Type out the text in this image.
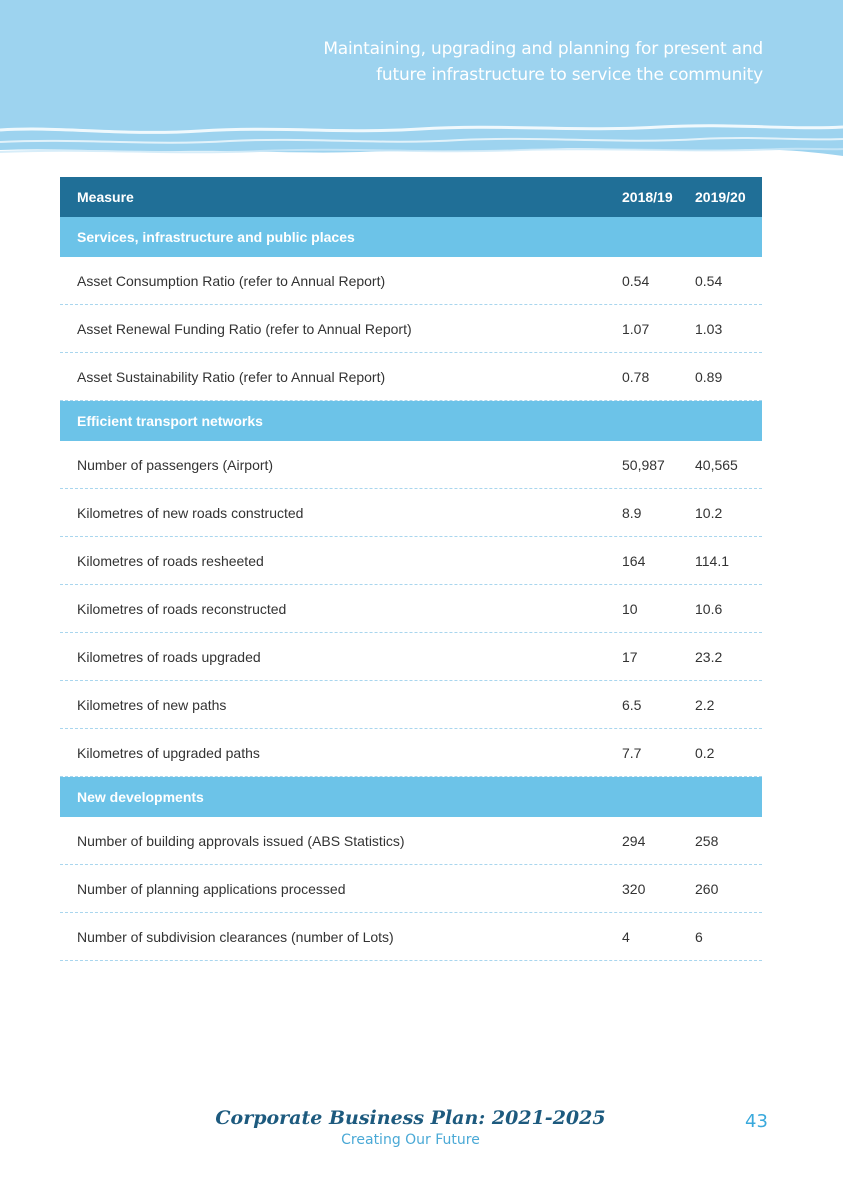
Maintaining, upgrading and planning for present and
future infrastructure to service the community
Measure	2018/19	2019/20
Services, infrastructure and public places
Asset Consumption Ratio (refer to Annual Report)	0.54	0.54
Asset Renewal Funding Ratio (refer to Annual Report)	1.07	1.03
Asset Sustainability Ratio (refer to Annual Report)	0.78	0.89
Efficient transport networks
Number of passengers (Airport)	50,987	40,565
Kilometres of new roads constructed	8.9	10.2
Kilometres of roads resheeted	164	114.1
Kilometres of roads reconstructed	10	10.6
Kilometres of roads upgraded	17	23.2
Kilometres of new paths	6.5	2.2
Kilometres of upgraded paths	7.7	0.2
New developments
Number of building approvals issued (ABS Statistics)	294	258
Number of planning applications processed	320	260
Number of subdivision clearances (number of Lots)	4	6
Corporate Business Plan: 2021-2025
Creating Our Future
43
